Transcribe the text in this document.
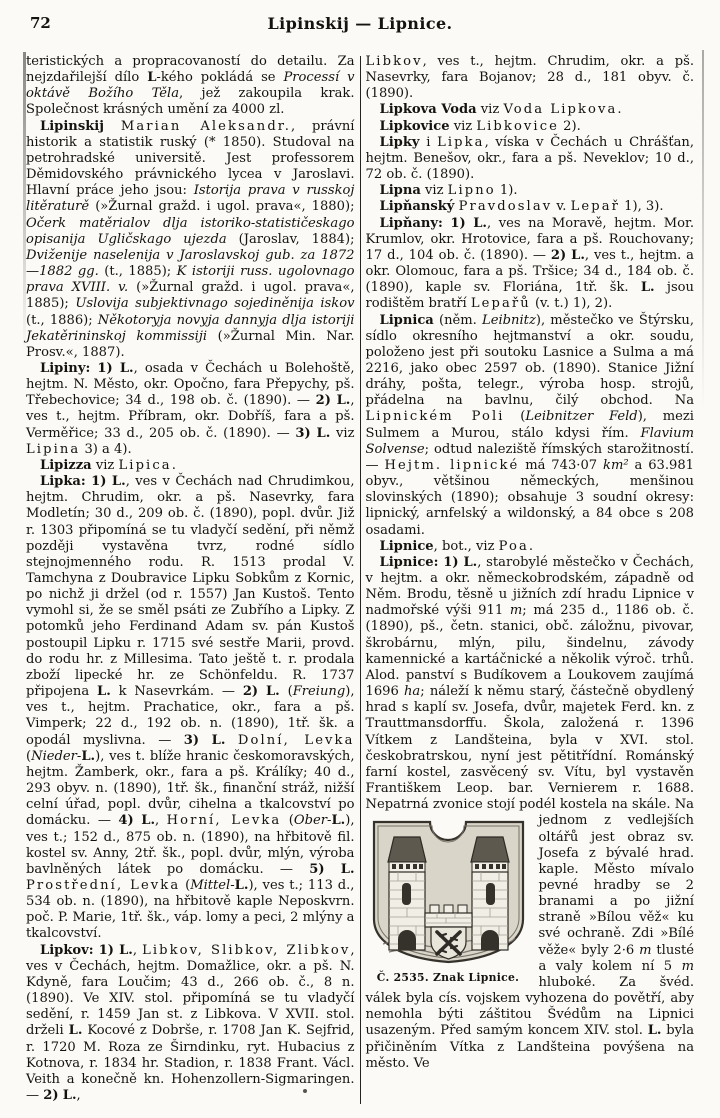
72	Lipinskij — Lipnice.

teristických a propracovaností do detailu. Za nejzdařilejší dílo L-kého pokládá se Processí v oktávě Božího Těla, jež zakoupila krak. Společnost krásných umění za 4000 zl.

Lipinskij Marian Aleksandr., právní historik a statistik ruský (* 1850). Studoval na petrohradské universitě. Jest professorem Děmidovského právnického lycea v Jaroslavi. Hlavní práce jeho jsou: Istorija prava v russkoj litěraturě (»Žurnal gražd. i ugol. prava«, 1880); Očerk matěrialov dlja istoriko-statističeskago opisanija Ugličskago ujezda (Jaroslav, 1884); Dviženije naselenija v Jaroslavskoj gub. za 1872—1882 gg. (t., 1885); K istoriji russ. ugolovnago prava XVIII. v. (»Žurnal gražd. i ugol. prava«, 1885); Uslovija subjektivnago sojediněnija iskov (t., 1886); Někotoryja novyja dannyja dlja istoriji Jekatěrininskoj kommissiji (»Žurnal Min. Nar. Prosv.«, 1887).

Lipiny: 1) L., osada v Čechách u Bolehoště, hejtm. N. Město, okr. Opočno, fara Přepychy, pš. Třebechovice; 34 d., 198 ob. č. (1890). — 2) L., ves t., hejtm. Příbram, okr. Dobříš, fara a pš. Verměřice; 33 d., 205 ob. č. (1890). — 3) L. viz Lipina 3) a 4).

Lipizza viz Lipica.

Lipka: 1) L., ves v Čechách nad Chrudimkou, hejtm. Chrudim, okr. a pš. Nasevrky, fara Modletín; 30 d., 209 ob. č. (1890), popl. dvůr. Již r. 1303 připomíná se tu vladyčí sedění, při němž později vystavěna tvrz, rodné sídlo stejnojmenného rodu. R. 1513 prodal V. Tamchyna z Doubravice Lipku Sobkům z Kornic, po nichž ji držel (od r. 1557) Jan Kustoš. Tento vymohl si, že se směl psáti ze Zubřího a Lipky. Z potomků jeho Ferdinand Adam sv. pán Kustoš postoupil Lipku r. 1715 své sestře Marii, provd. do rodu hr. z Millesima. Tato ještě t. r. prodala zboží lipecké hr. ze Schönfeldu. R. 1737 připojena L. k Nasevrkám. — 2) L. (Freiung), ves t., hejtm. Prachatice, okr., fara a pš. Vimperk; 22 d., 192 ob. n. (1890), 1tř. šk. a opodál myslivna. — 3) L. Dolní, Levka (Nieder-L.), ves t. blíže hranic českomoravských, hejtm. Žamberk, okr., fara a pš. Králíky; 40 d., 293 obyv. n. (1890), 1tř. šk., finanční stráž, nižší celní úřad, popl. dvůr, cihelna a tkalcovství po domácku. — 4) L., Horní, Levka (Ober-L.), ves t.; 152 d., 875 ob. n. (1890), na hřbitově fil. kostel sv. Anny, 2tř. šk., popl. dvůr, mlýn, výroba bavlněných látek po domácku. — 5) L. Prostřední, Levka (Mittel-L.), ves t.; 113 d., 534 ob. n. (1890), na hřbitově kaple Neposkvrn. poč. P. Marie, 1tř. šk., váp. lomy a peci, 2 mlýny a tkalcovství.

Lipkov: 1) L., Libkov, Slibkov, Zlibkov, ves v Čechách, hejtm. Domažlice, okr. a pš. N. Kdyně, fara Loučim; 43 d., 266 ob. č., 8 n. (1890). Ve XIV. stol. připomíná se tu vladyčí sedění, r. 1459 Jan st. z Libkova. V XVII. stol. drželi L. Kocové z Dobrše, r. 1708 Jan K. Sejfrid, r. 1720 M. Roza ze Širndinku, ryt. Hubacius z Kotnova, r. 1834 hr. Stadion, r. 1838 Frant. Václ. Veith a konečně kn. Hohenzollern-Sigmaringen. — 2) L.,

Libkov, ves t., hejtm. Chrudim, okr. a pš. Nasevrky, fara Bojanov; 28 d., 181 obyv. č. (1890).

Lipkova Voda viz Voda Lipkova.

Lipkovice viz Libkovice 2).

Lipky i Lipka, víska v Čechách u Chrášťan, hejtm. Benešov, okr., fara a pš. Neveklov; 10 d., 72 ob. č. (1890).

Lipna viz Lipno 1).

Lipňanský Pravdoslav v. Lepař 1), 3).

Lipňany: 1) L., ves na Moravě, hejtm. Mor. Krumlov, okr. Hrotovice, fara a pš. Rouchovany; 17 d., 104 ob. č. (1890). — 2) L., ves t., hejtm. a okr. Olomouc, fara a pš. Tršice; 34 d., 184 ob. č. (1890), kaple sv. Floriána, 1tř. šk. L. jsou rodištěm bratří Lepařů (v. t.) 1), 2).

Lipnica (něm. Leibnitz), městečko ve Štýrsku, sídlo okresního hejtmanství a okr. soudu, položeno jest při soutoku Lasnice a Sulma a má 2216, jako obec 2597 ob. (1890). Stanice Jižní dráhy, pošta, telegr., výroba hosp. strojů, přádelna na bavlnu, čilý obchod. Na Lipnickém Poli (Leibnitzer Feld), mezi Sulmem a Murou, stálo kdysi řím. Flavium Solvense; odtud naleziště římských starožitností. — Hejtm. lipnické má 743·07 km² a 63.981 obyv., většinou německých, menšinou slovinských (1890); obsahuje 3 soudní okresy: lipnický, arnfelský a wildonský, a 84 obce s 208 osadami.

Lipnice, bot., viz Poa.

Lipnice: 1) L., starobylé městečko v Čechách, v hejtm. a okr. německobrodském, západně od Něm. Brodu, těsně u jižních zdí hradu Lipnice v nadmořské výši 911 m; má 235 d., 1186 ob. č. (1890), pš., četn. stanici, obč. záložnu, pivovar, škrobárnu, mlýn, pilu, šindelnu, závody kamennické a kartáčnické a několik výroč. trhů. Alod. panství s Budíkovem a Loukovem zaujímá 1696 ha; náleží k němu starý, částečně obydlený hrad s kaplí sv. Josefa, dvůr, majetek Ferd. kn. z Trauttmansdorffu. Škola, založená r. 1396 Vítkem z Landšteina, byla v XVI. stol. českobratrskou, nyní jest pětitřídní. Románský farní kostel, zasvěcený sv. Vítu, byl vystavěn Františkem Leop. bar. Vernierem r. 1688. Nepatrná zvonice stojí podél kostela na skále. Na jednom
Č. 2535. Znak Lipnice.
z vedlejších oltářů jest obraz sv. Josefa z bývalé hrad. kaple. Město mívalo pevné hradby se 2 branami a po jižní straně »Bílou věž« ku své ochraně. Zdi »Bílé věže« byly 2·6 m tlusté a valy kolem ní 5 m hluboké. Za švéd. válek byla cís. vojskem vyhozena do povětří, aby nemohla býti záštitou Švédům na Lipnici usazeným. Před samým koncem XIV. stol. L. byla přičiněním Vítka z Landšteina povýšena na město. Ve
